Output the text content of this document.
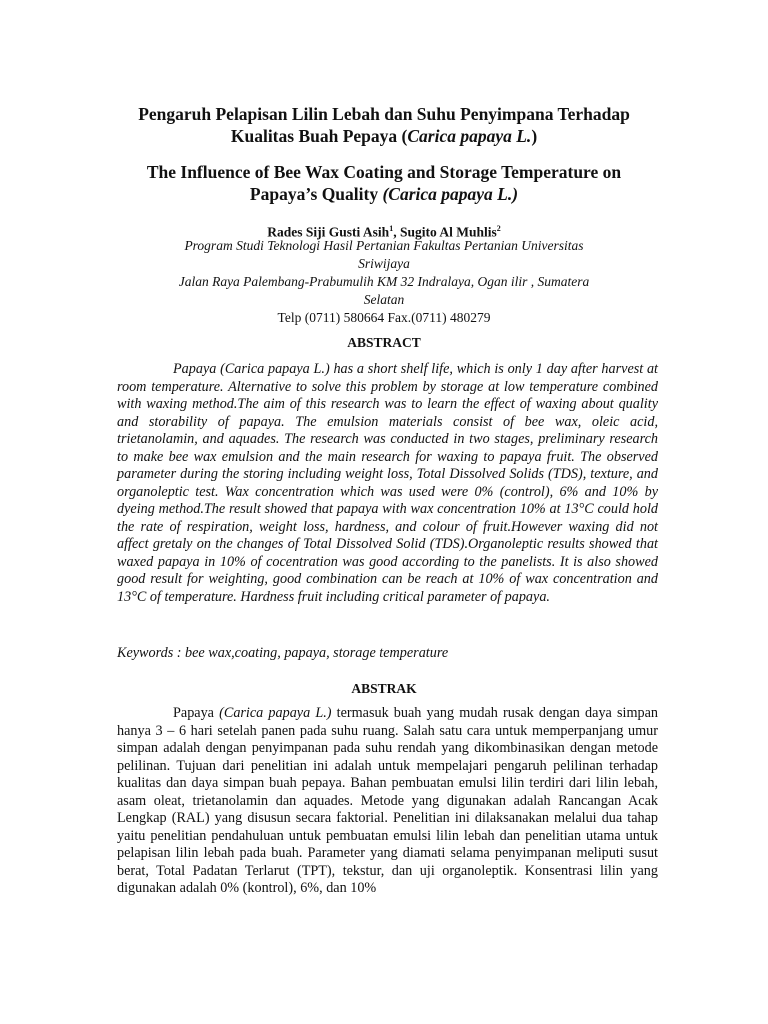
Pengaruh Pelapisan Lilin Lebah dan Suhu Penyimpana Terhadap
Kualitas Buah Pepaya (Carica papaya L.)
The Influence of Bee Wax Coating and Storage Temperature on
Papaya’s Quality (Carica papaya L.)
Rades Siji Gusti Asih$^1$, Sugito Al Muhlis$^2$
Program Studi Teknologi Hasil Pertanian Fakultas Pertanian Universitas
Sriwijaya
Jalan Raya Palembang-Prabumulih KM 32 Indralaya, Ogan ilir , Sumatera
Selatan
Telp (0711) 580664 Fax.(0711) 480279
ABSTRACT

Papaya (Carica papaya L.) has a short shelf life, which is only 1 day after harvest at room temperature. Alternative to solve this problem by storage at low temperature combined with waxing method.The aim of this research was to learn the effect of waxing about quality and storability of papaya. The emulsion materials consist of bee wax, oleic acid, trietanolamin, and aquades. The research was conducted in two stages, preliminary research to make bee wax emulsion and the main research for waxing to papaya fruit. The observed parameter during the storing including weight loss, Total Dissolved Solids (TDS), texture, and organoleptic test. Wax concentration which was used were 0% (control), 6% and 10% by dyeing method.The result showed that papaya with wax concentration 10% at 13°C could hold the rate of respiration, weight loss, hardness, and colour of fruit.However waxing did not affect gretaly on the changes of Total Dissolved Solid (TDS).Organoleptic results showed that waxed papaya in 10% of cocentration was good according to the panelists. It is also showed good result for weighting, good combination can be reach at 10% of wax concentration and 13°C of temperature. Hardness fruit including critical parameter of papaya.

Keywords : bee wax,coating, papaya, storage temperature
ABSTRAK

Papaya (Carica papaya L.) termasuk buah yang mudah rusak dengan daya simpan hanya 3 – 6 hari setelah panen pada suhu ruang. Salah satu cara untuk memperpanjang umur simpan adalah dengan penyimpanan pada suhu rendah yang dikombinasikan dengan metode pelilinan. Tujuan dari penelitian ini adalah untuk mempelajari pengaruh pelilinan terhadap kualitas dan daya simpan buah pepaya. Bahan pembuatan emulsi lilin terdiri dari lilin lebah, asam oleat, trietanolamin dan aquades. Metode yang digunakan adalah Rancangan Acak Lengkap (RAL) yang disusun secara faktorial. Penelitian ini dilaksanakan melalui dua tahap yaitu penelitian pendahuluan untuk pembuatan emulsi lilin lebah dan penelitian utama untuk pelapisan lilin lebah pada buah. Parameter yang diamati selama penyimpanan meliputi susut berat, Total Padatan Terlarut (TPT), tekstur, dan uji organoleptik. Konsentrasi lilin yang digunakan adalah 0% (kontrol), 6%, dan 10%
